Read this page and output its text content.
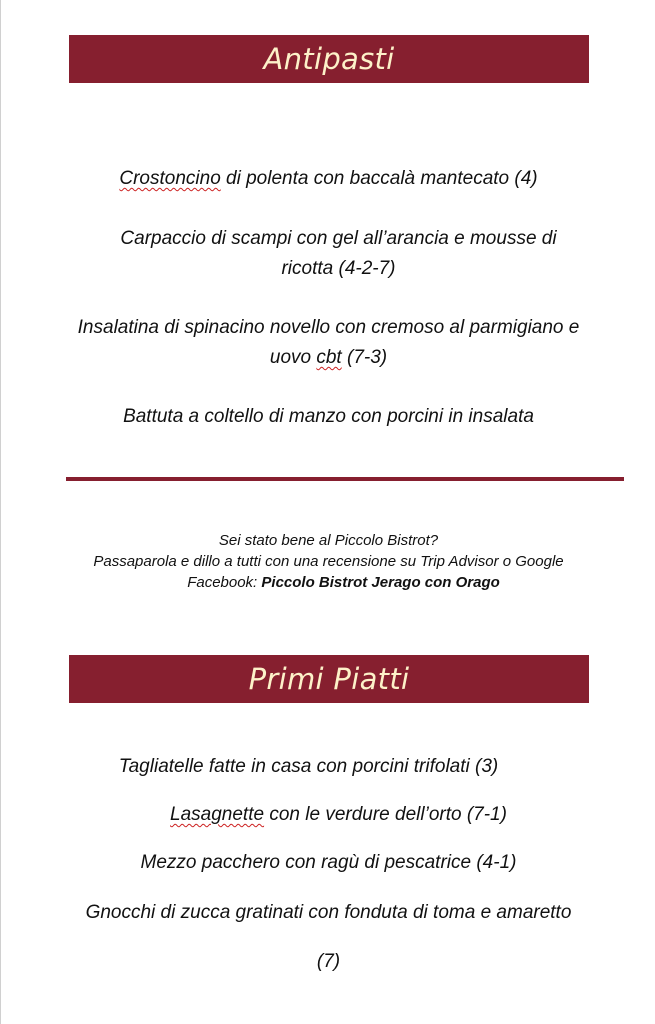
Antipasti
Crostoncino di polenta con baccalà mantecato (4)
Carpaccio di scampi con gel all’arancia e mousse di
ricotta (4-2-7)
Insalatina di spinacino novello con cremoso al parmigiano e
uovo cbt (7-3)
Battuta a coltello di manzo con porcini in insalata
Sei stato bene al Piccolo Bistrot?
Passaparola e dillo a tutti con una recensione su Trip Advisor o Google
Facebook: Piccolo Bistrot Jerago con Orago
Primi Piatti
Tagliatelle fatte in casa con porcini trifolati (3)
Lasagnette con le verdure dell’orto (7-1)
Mezzo pacchero con ragù di pescatrice (4-1)
Gnocchi di zucca gratinati con fonduta di toma e amaretto
(7)
